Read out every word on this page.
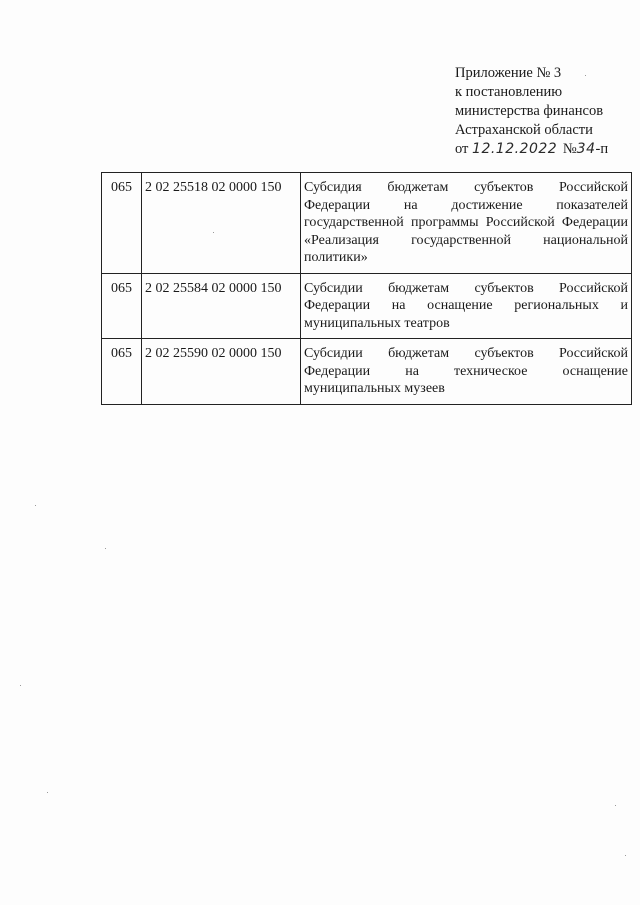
Приложение № 3
к постановлению
министерства финансов
Астраханской области
от 12.12.2022 №34-п
065	2 02 25518 02 0000 150	Субсидия бюджетам субъектов Российской Федерации на достижение показателей государственной программы Российской Федерации «Реализация государственной национальной политики»
065	2 02 25584 02 0000 150	Субсидии бюджетам субъектов Российской Федерации на оснащение региональных и муниципальных театров
065	2 02 25590 02 0000 150	Субсидии бюджетам субъектов Российской Федерации на техническое оснащение муниципальных музеев
